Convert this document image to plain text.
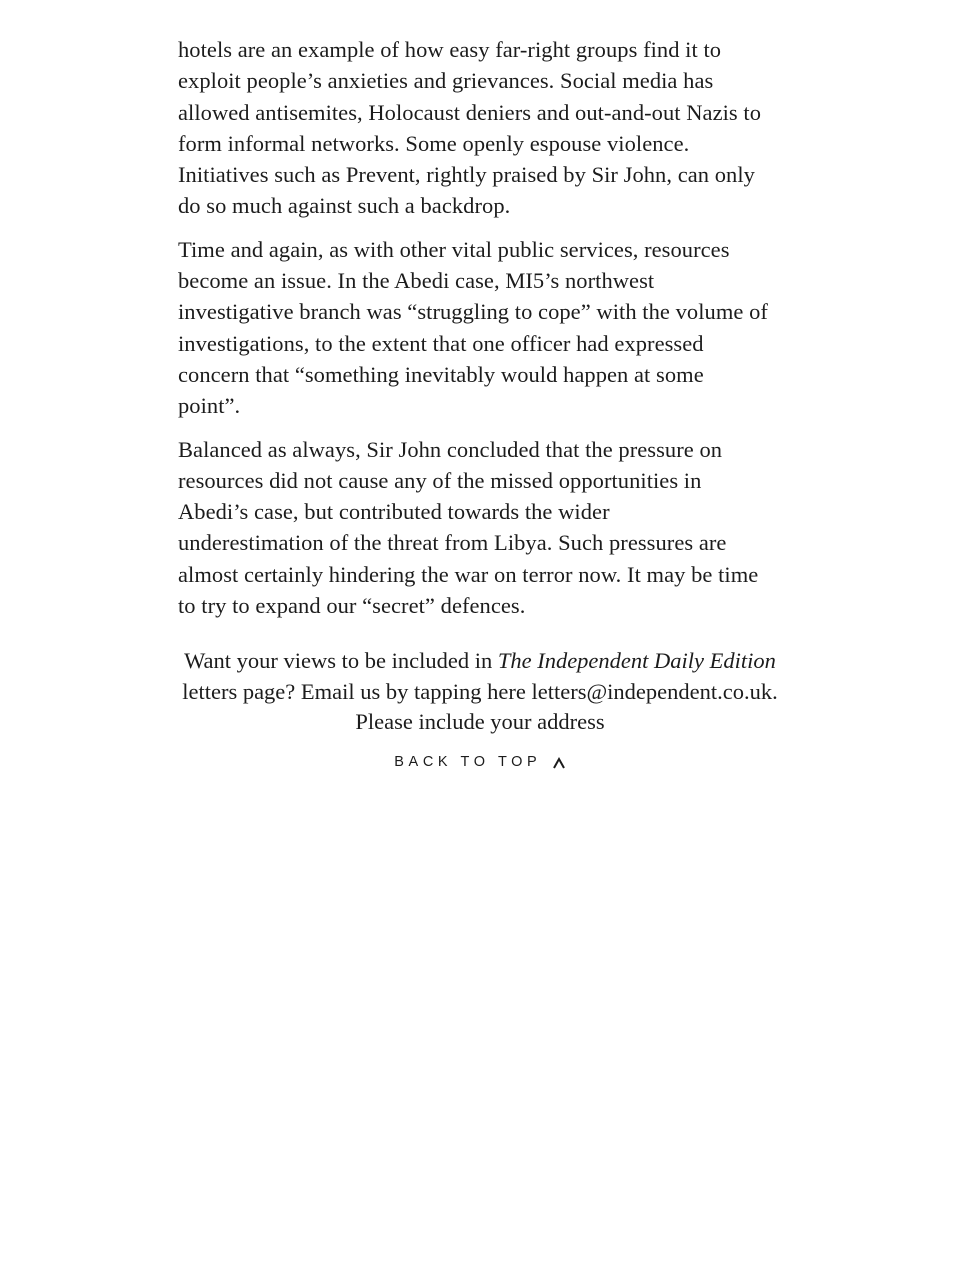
hotels are an example of how easy far-right groups find it to
exploit people’s anxieties and grievances. Social media has
allowed antisemites, Holocaust deniers and out-and-out Nazis to
form informal networks. Some openly espouse violence.
Initiatives such as Prevent, rightly praised by Sir John, can only
do so much against such a backdrop.
Time and again, as with other vital public services, resources
become an issue. In the Abedi case, MI5’s northwest
investigative branch was “struggling to cope” with the volume of
investigations, to the extent that one officer had expressed
concern that “something inevitably would happen at some
point”.
Balanced as always, Sir John concluded that the pressure on
resources did not cause any of the missed opportunities in
Abedi’s case, but contributed towards the wider
underestimation of the threat from Libya. Such pressures are
almost certainly hindering the war on terror now. It may be time
to try to expand our “secret” defences.
Want your views to be included in The Independent Daily Edition
letters page? Email us by tapping here letters@independent.co.uk.
Please include your address
BACK TO TOP
